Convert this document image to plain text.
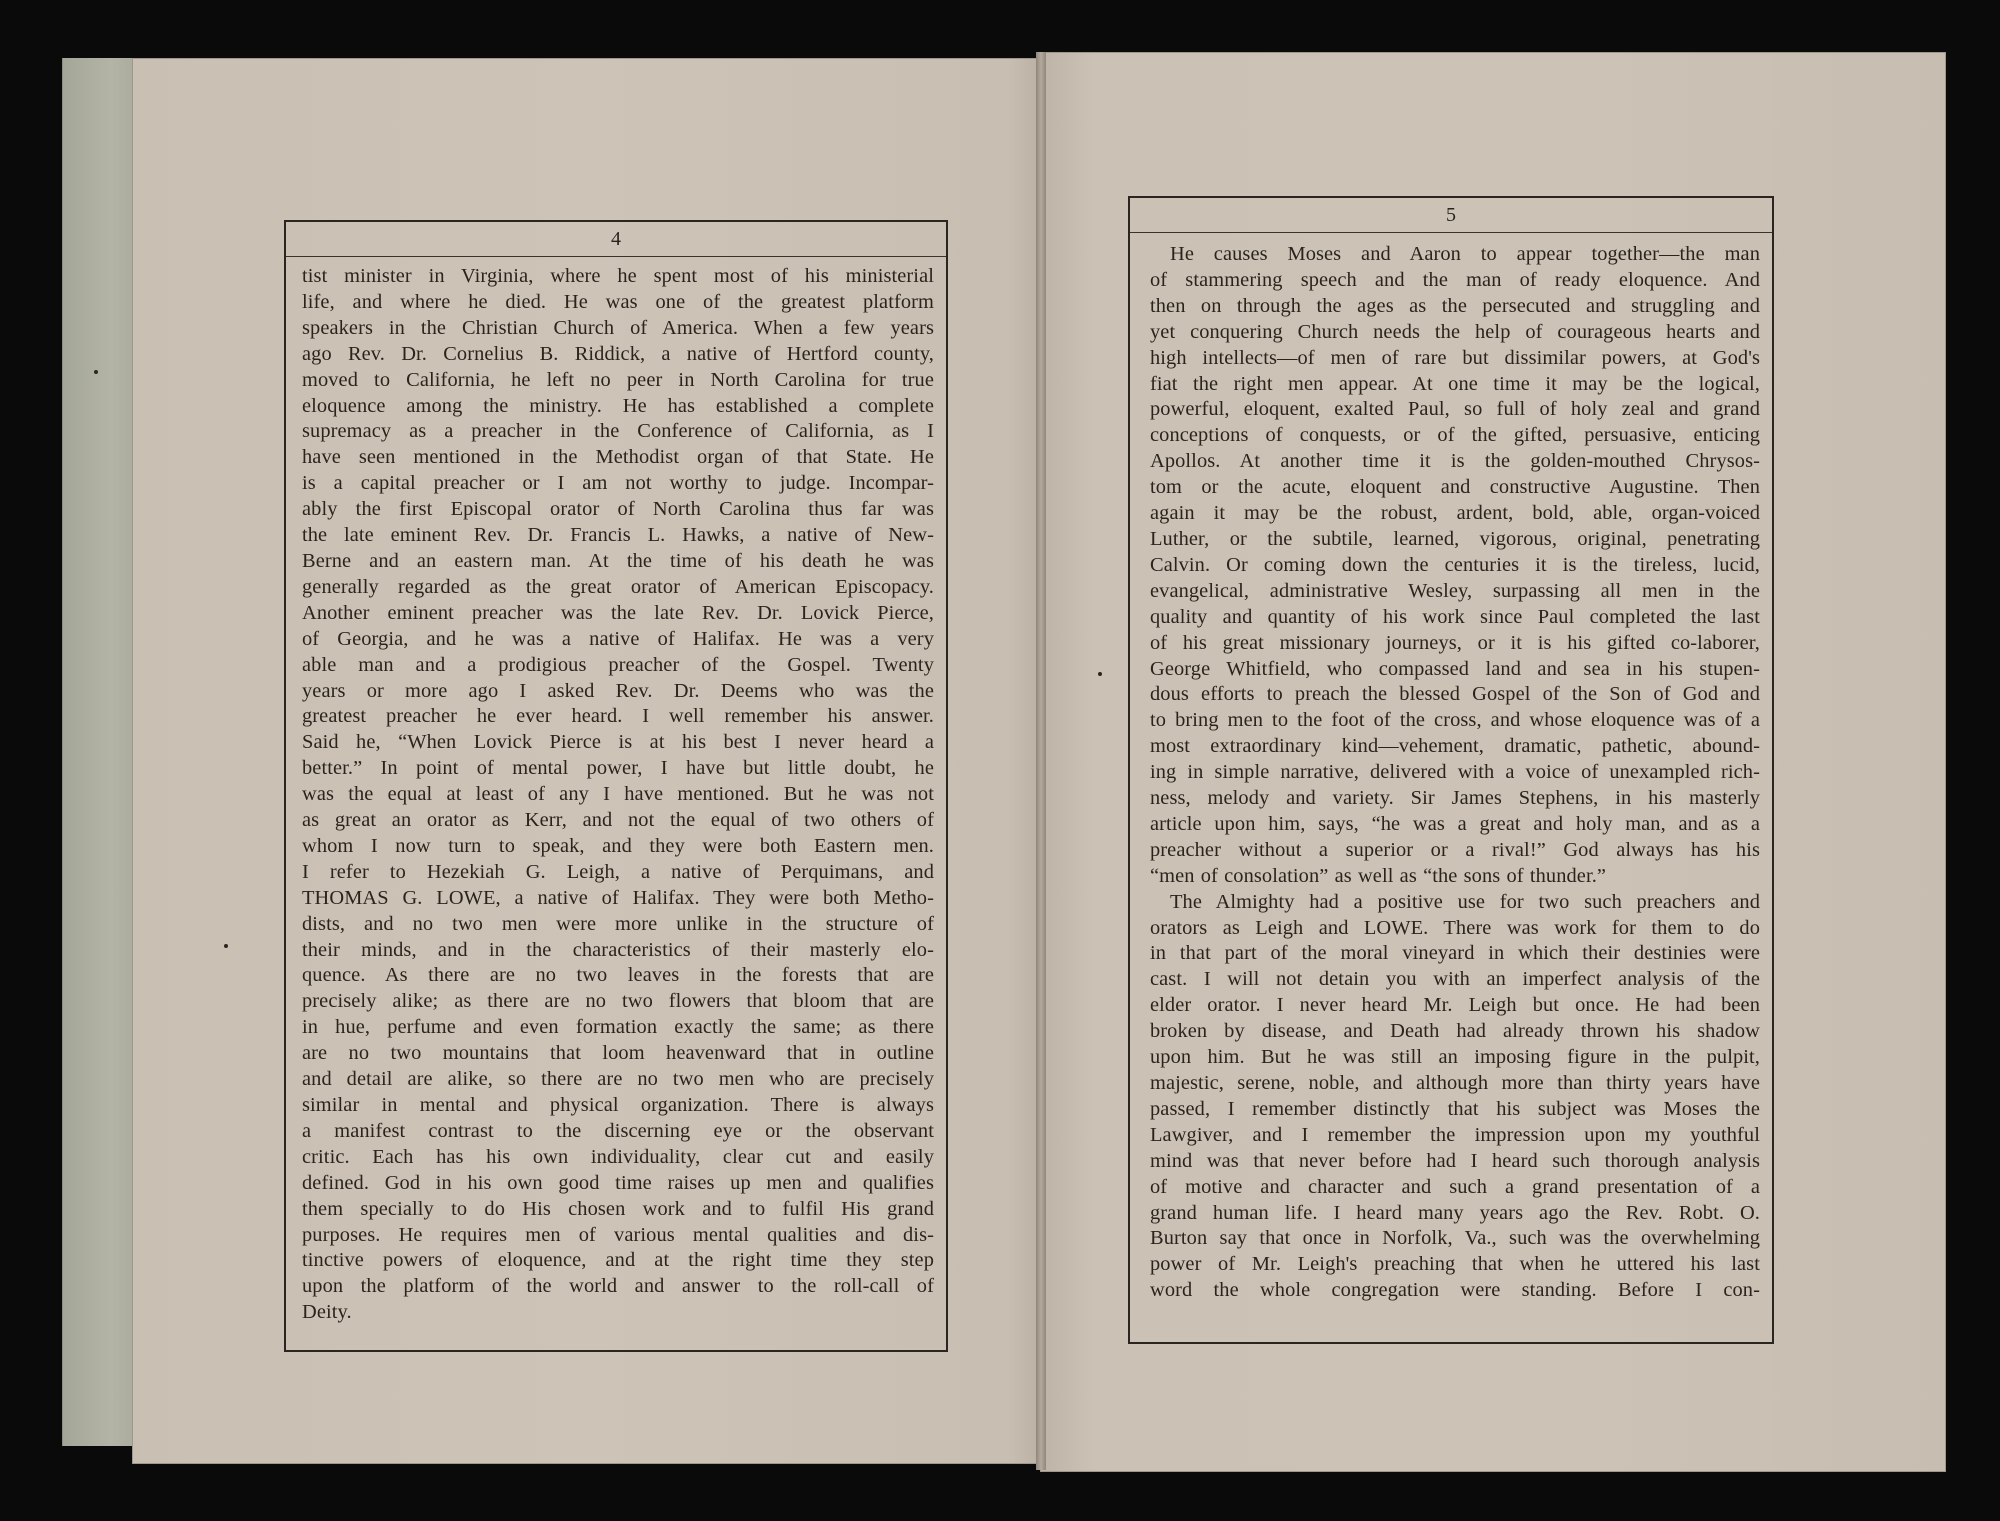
4
tist minister in Virginia, where he spent most of his ministerial
life, and where he died. He was one of the greatest platform
speakers in the Christian Church of America. When a few years
ago Rev. Dr. Cornelius B. Riddick, a native of Hertford county,
moved to California, he left no peer in North Carolina for true
eloquence among the ministry. He has established a complete
supremacy as a preacher in the Conference of California, as I
have seen mentioned in the Methodist organ of that State. He
is a capital preacher or I am not worthy to judge. Incompar-
ably the first Episcopal orator of North Carolina thus far was
the late eminent Rev. Dr. Francis L. Hawks, a native of New-
Berne and an eastern man. At the time of his death he was
generally regarded as the great orator of American Episcopacy.
Another eminent preacher was the late Rev. Dr. Lovick Pierce,
of Georgia, and he was a native of Halifax. He was a very
able man and a prodigious preacher of the Gospel. Twenty
years or more ago I asked Rev. Dr. Deems who was the
greatest preacher he ever heard. I well remember his answer.
Said he, “When Lovick Pierce is at his best I never heard a
better.” In point of mental power, I have but little doubt, he
was the equal at least of any I have mentioned. But he was not
as great an orator as Kerr, and not the equal of two others of
whom I now turn to speak, and they were both Eastern men.
I refer to Hezekiah G. Leigh, a native of Perquimans, and
THOMAS G. LOWE, a native of Halifax. They were both Metho-
dists, and no two men were more unlike in the structure of
their minds, and in the characteristics of their masterly elo-
quence. As there are no two leaves in the forests that are
precisely alike; as there are no two flowers that bloom that are
in hue, perfume and even formation exactly the same; as there
are no two mountains that loom heavenward that in outline
and detail are alike, so there are no two men who are precisely
similar in mental and physical organization. There is always
a manifest contrast to the discerning eye or the observant
critic. Each has his own individuality, clear cut and easily
defined. God in his own good time raises up men and qualifies
them specially to do His chosen work and to fulfil His grand
purposes. He requires men of various mental qualities and dis-
tinctive powers of eloquence, and at the right time they step
upon the platform of the world and answer to the roll-call of
Deity.
5
He causes Moses and Aaron to appear together—the man
of stammering speech and the man of ready eloquence. And
then on through the ages as the persecuted and struggling and
yet conquering Church needs the help of courageous hearts and
high intellects—of men of rare but dissimilar powers, at God's
fiat the right men appear. At one time it may be the logical,
powerful, eloquent, exalted Paul, so full of holy zeal and grand
conceptions of conquests, or of the gifted, persuasive, enticing
Apollos. At another time it is the golden-mouthed Chrysos-
tom or the acute, eloquent and constructive Augustine. Then
again it may be the robust, ardent, bold, able, organ-voiced
Luther, or the subtile, learned, vigorous, original, penetrating
Calvin. Or coming down the centuries it is the tireless, lucid,
evangelical, administrative Wesley, surpassing all men in the
quality and quantity of his work since Paul completed the last
of his great missionary journeys, or it is his gifted co-laborer,
George Whitfield, who compassed land and sea in his stupen-
dous efforts to preach the blessed Gospel of the Son of God and
to bring men to the foot of the cross, and whose eloquence was of a
most extraordinary kind—vehement, dramatic, pathetic, abound-
ing in simple narrative, delivered with a voice of unexampled rich-
ness, melody and variety. Sir James Stephens, in his masterly
article upon him, says, “he was a great and holy man, and as a
preacher without a superior or a rival!” God always has his
“men of consolation” as well as “the sons of thunder.”
The Almighty had a positive use for two such preachers and
orators as Leigh and LOWE. There was work for them to do
in that part of the moral vineyard in which their destinies were
cast. I will not detain you with an imperfect analysis of the
elder orator. I never heard Mr. Leigh but once. He had been
broken by disease, and Death had already thrown his shadow
upon him. But he was still an imposing figure in the pulpit,
majestic, serene, noble, and although more than thirty years have
passed, I remember distinctly that his subject was Moses the
Lawgiver, and I remember the impression upon my youthful
mind was that never before had I heard such thorough analysis
of motive and character and such a grand presentation of a
grand human life. I heard many years ago the Rev. Robt. O.
Burton say that once in Norfolk, Va., such was the overwhelming
power of Mr. Leigh's preaching that when he uttered his last
word the whole congregation were standing. Before I con-
